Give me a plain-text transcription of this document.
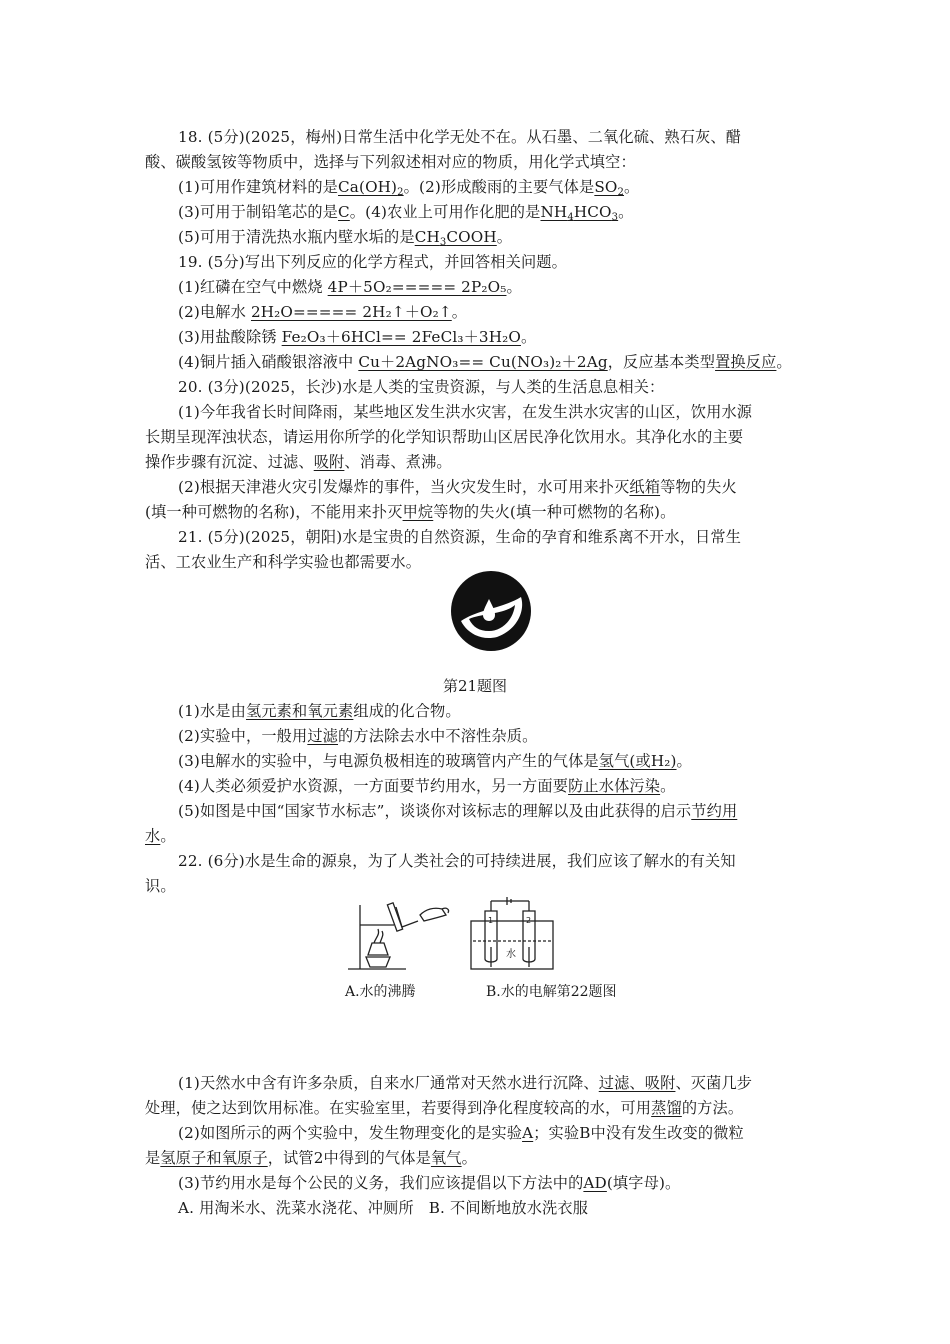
18. (5分)(2025，梅州)日常生活中化学无处不在。从石墨、二氧化硫、熟石灰、醋
酸、碳酸氢铵等物质中，选择与下列叙述相对应的物质，用化学式填空：
(1)可用作建筑材料的是$Ca(OH)_2$。(2)形成酸雨的主要气体是$SO_2$。
(3)可用于制铅笔芯的是C。(4)农业上可用作化肥的是$NH_4HCO_3$。
(5)可用于清洗热水瓶内壁水垢的是$CH_3COOH$。
19. (5分)写出下列反应的化学方程式，并回答相关问题。
(1)红磷在空气中燃烧 4P＋5O₂===== 2P₂O₅。
(2)电解水 2H₂O===== 2H₂↑＋O₂↑。
(3)用盐酸除锈 Fe₂O₃＋6HCl== 2FeCl₃＋3H₂O。
(4)铜片插入硝酸银溶液中 Cu＋2AgNO₃== Cu(NO₃)₂＋2Ag，反应基本类型置换反应。
20. (3分)(2025，长沙)水是人类的宝贵资源，与人类的生活息息相关：
(1)今年我省长时间降雨，某些地区发生洪水灾害，在发生洪水灾害的山区，饮用水源
长期呈现浑浊状态，请运用你所学的化学知识帮助山区居民净化饮用水。其净化水的主要
操作步骤有沉淀、过滤、吸附、消毒、煮沸。
(2)根据天津港火灾引发爆炸的事件，当火灾发生时，水可用来扑灭纸箱等物的失火
(填一种可燃物的名称)，不能用来扑灭甲烷等物的失火(填一种可燃物的名称)。
21. (5分)(2025，朝阳)水是宝贵的自然资源，生命的孕育和维系离不开水，日常生
活、工农业生产和科学实验也都需要水。
第21题图
(1)水是由氢元素和氧元素组成的化合物。
(2)实验中，一般用过滤的方法除去水中不溶性杂质。
(3)电解水的实验中，与电源负极相连的玻璃管内产生的气体是氢气(或H₂)。
(4)人类必须爱护水资源，一方面要节约用水，另一方面要防止水体污染。
(5)如图是中国“国家节水标志”，谈谈你对该标志的理解以及由此获得的启示节约用
水。
22. (6分)水是生命的源泉，为了人类社会的可持续进展，我们应该了解水的有关知
识。
1	2
水
A.水的沸腾	B.水的电解第22题图
(1)天然水中含有许多杂质，自来水厂通常对天然水进行沉降、过滤、吸附、灭菌几步
处理，使之达到饮用标准。在实验室里，若要得到净化程度较高的水，可用蒸馏的方法。
(2)如图所示的两个实验中，发生物理变化的是实验A；实验B中没有发生改变的微粒
是氢原子和氧原子，试管2中得到的气体是氧气。
(3)节约用水是每个公民的义务，我们应该提倡以下方法中的AD(填字母)。
A. 用淘米水、洗菜水浇花、冲厕所 B. 不间断地放水洗衣服
